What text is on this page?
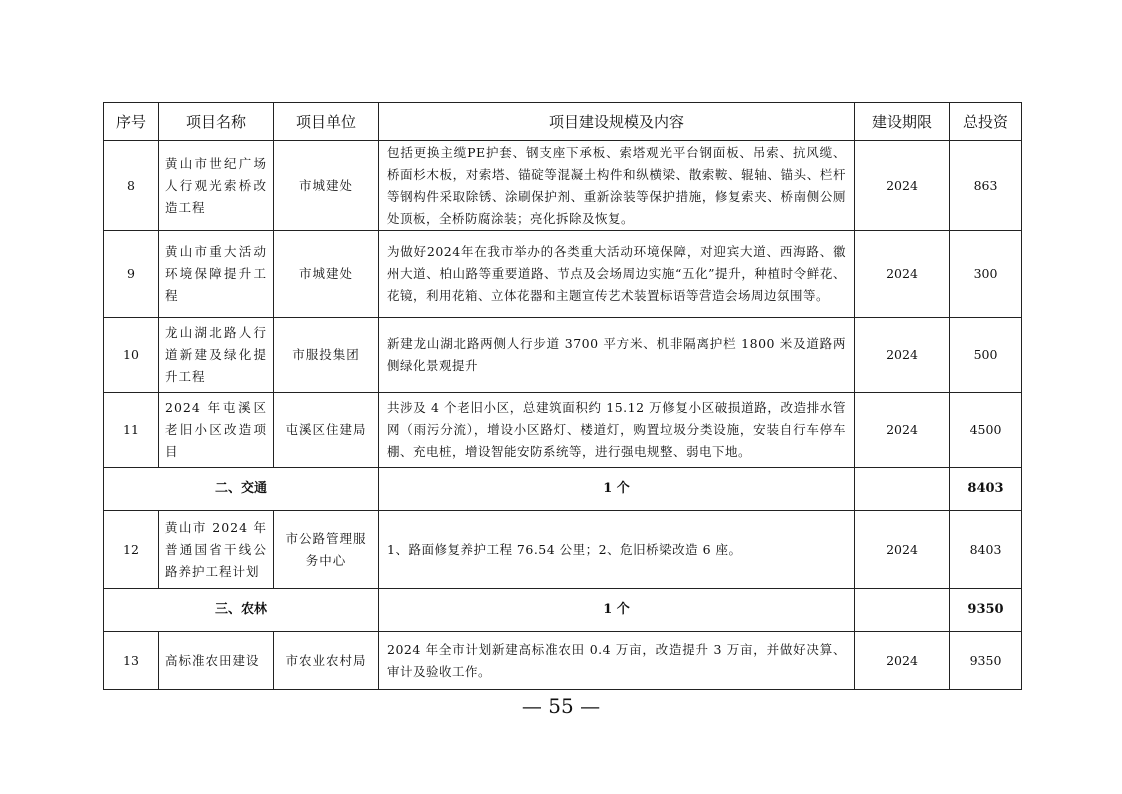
序号	项目名称	项目单位	项目建设规模及内容	建设期限	总投资
8	黄山市世纪广场人行观光索桥改造工程	市城建处	包括更换主缆PE护套、钢支座下承板、索塔观光平台钢面板、吊索、抗风缆、桥面杉木板，对索塔、锚碇等混凝土构件和纵横梁、散索鞍、辊轴、锚头、栏杆等钢构件采取除锈、涂刷保护剂、重新涂装等保护措施，修复索夹、桥南侧公厕处顶板，全桥防腐涂装；亮化拆除及恢复。	2024	863
9	黄山市重大活动环境保障提升工程	市城建处	为做好2024年在我市举办的各类重大活动环境保障，对迎宾大道、西海路、徽州大道、柏山路等重要道路、节点及会场周边实施“五化”提升，种植时令鲜花、花镜，利用花箱、立体花器和主题宣传艺术装置标语等营造会场周边氛围等。	2024	300
10	龙山湖北路人行道新建及绿化提升工程	市服投集团	新建龙山湖北路两侧人行步道 3700 平方米、机非隔离护栏 1800 米及道路两侧绿化景观提升	2024	500
11	2024 年屯溪区老旧小区改造项目	屯溪区住建局	共涉及 4 个老旧小区，总建筑面积约 15.12 万修复小区破损道路，改造排水管网（雨污分流），增设小区路灯、楼道灯，购置垃圾分类设施，安装自行车停车棚、充电桩，增设智能安防系统等，进行强电规整、弱电下地。	2024	4500
二、交通			1 个		8403
12	黄山市 2024 年普通国省干线公路养护工程计划	市公路管理服务中心	1、路面修复养护工程 76.54 公里；2、危旧桥梁改造 6 座。	2024	8403
三、农林			1 个		9350
13	高标准农田建设	市农业农村局	2024 年全市计划新建高标准农田 0.4 万亩，改造提升 3 万亩，并做好决算、审计及验收工作。	2024	9350
— 55 —
